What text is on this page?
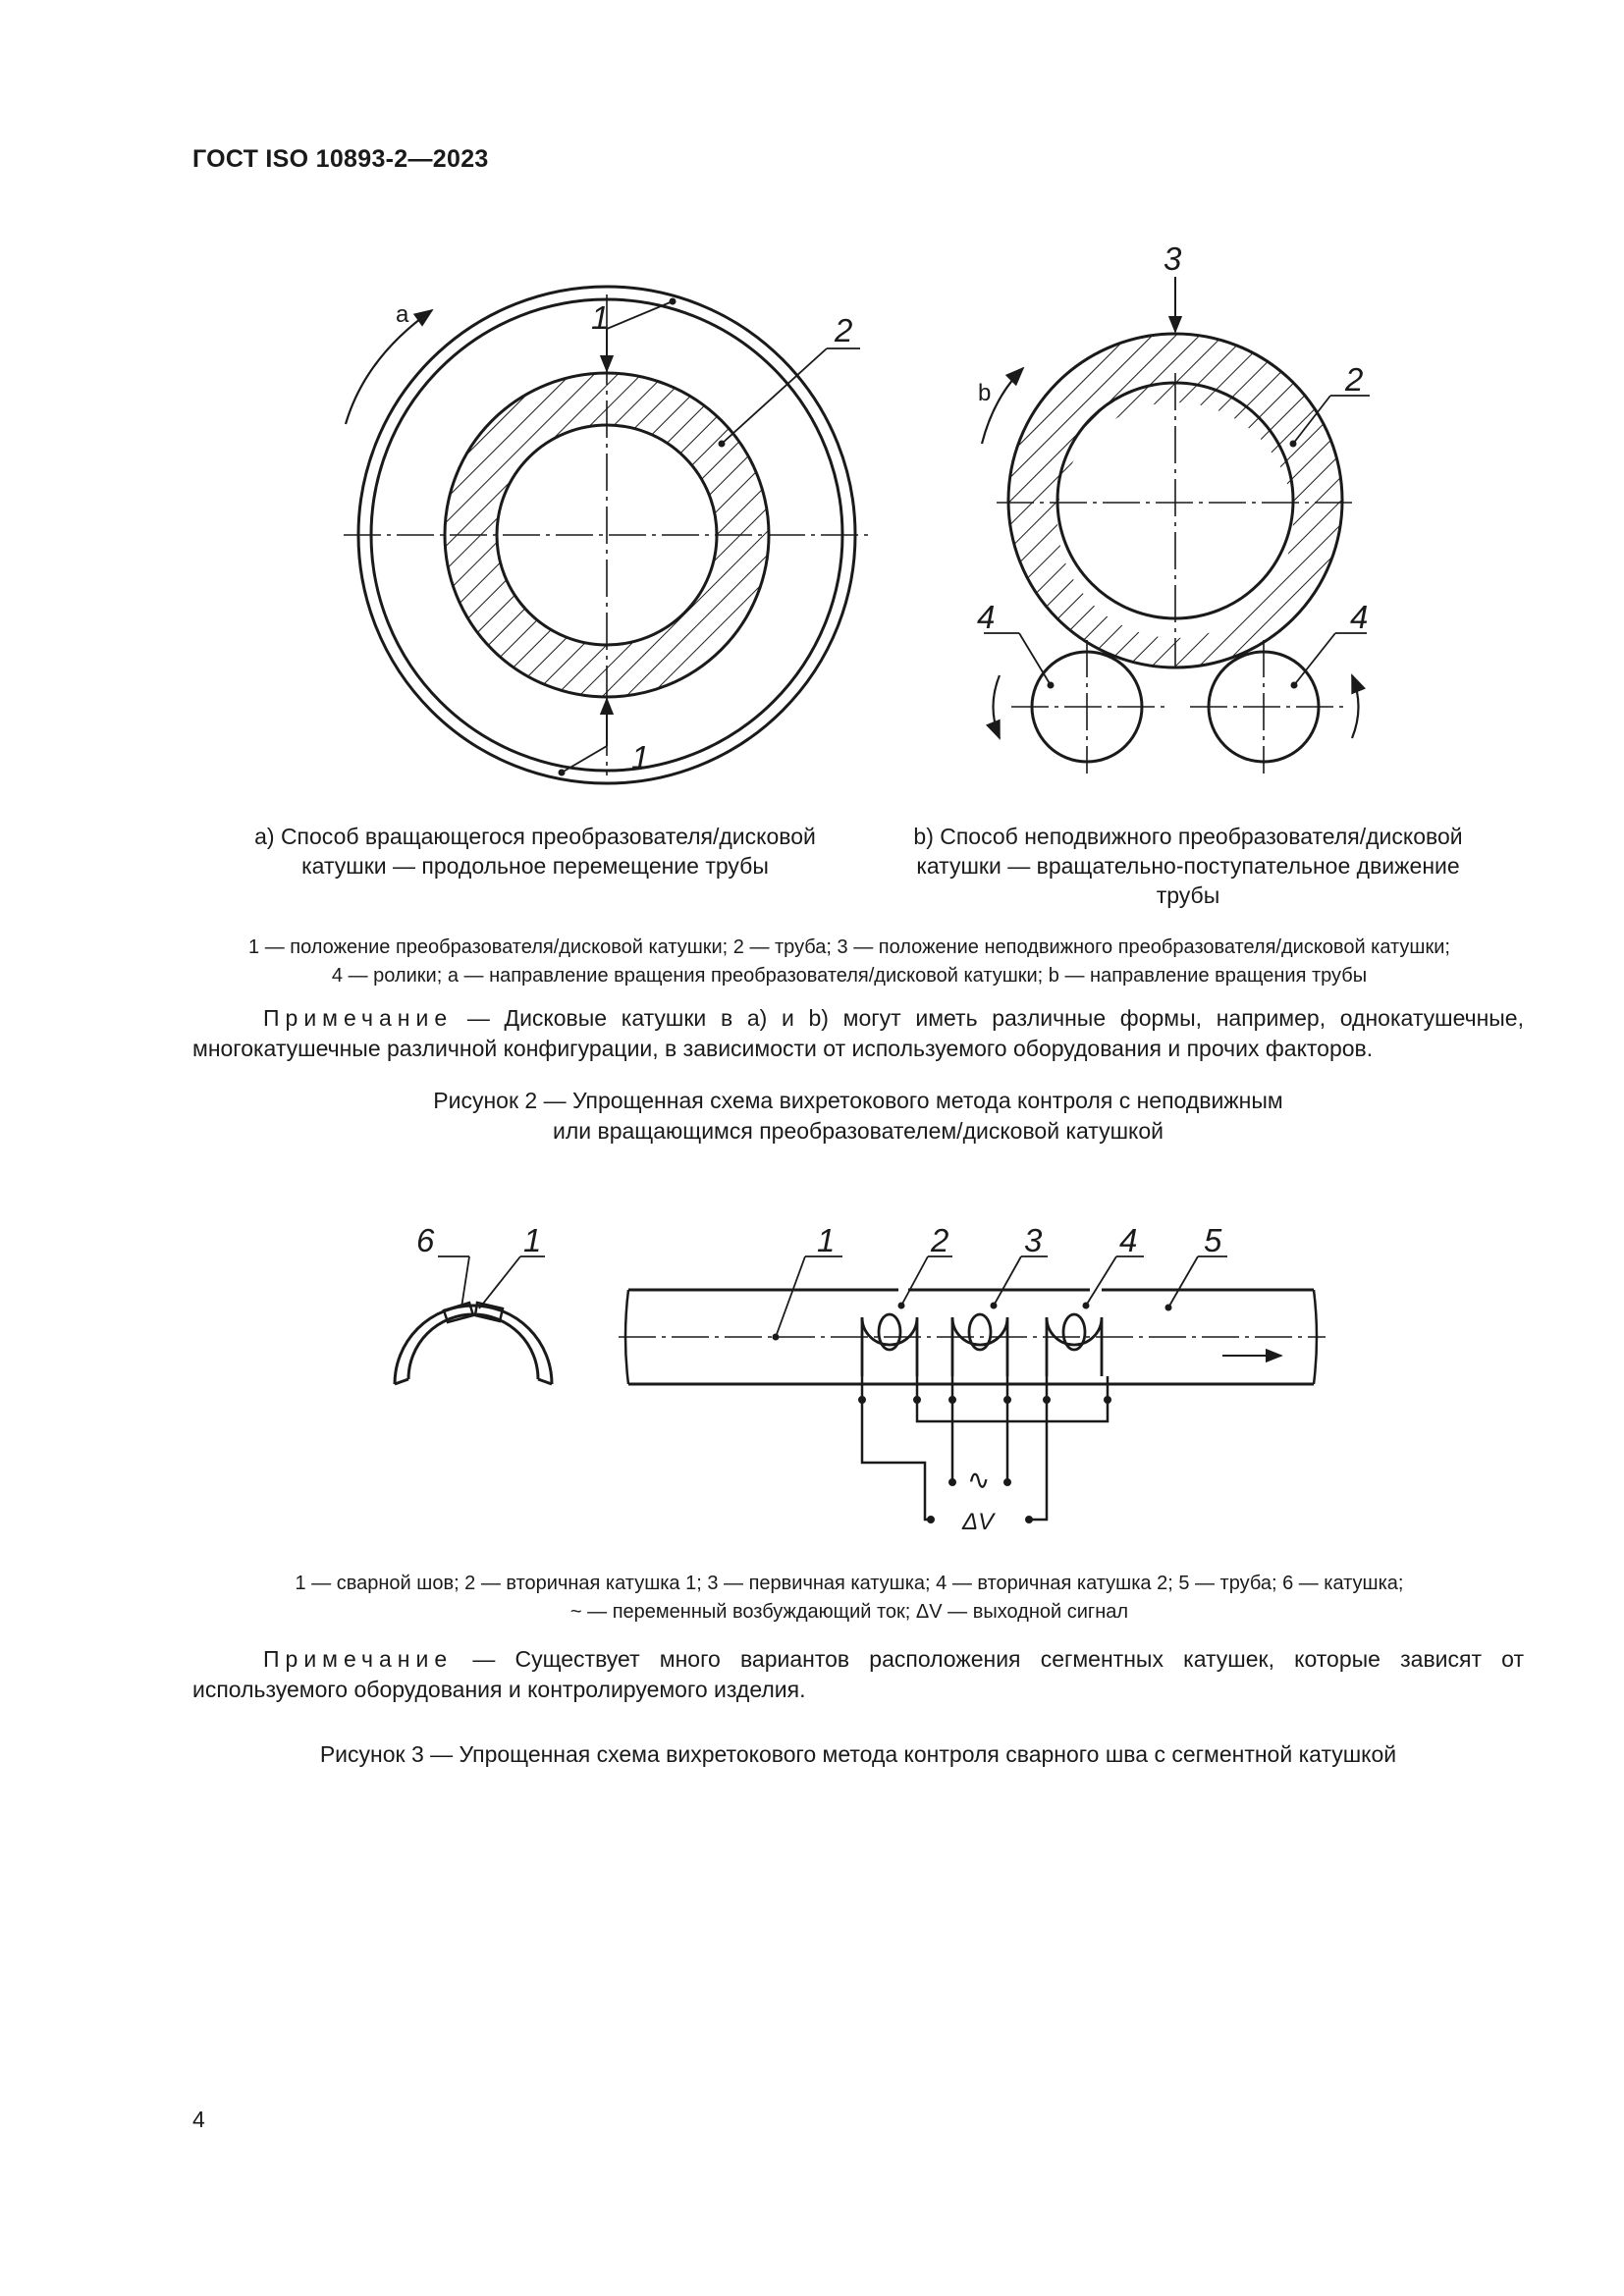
ГОСТ ISO 10893-2—2023
1
1
2
a
3
2
4	4
b
а) Способ вращающегося преобразователя/дисковой
катушки — продольное перемещение трубы
b) Способ неподвижного преобразователя/дисковой
катушки — вращательно-поступательное движение
трубы
1 — положение преобразователя/дисковой катушки; 2 — труба; 3 — положение неподвижного преобразователя/дисковой катушки;
4 — ролики; a — направление вращения преобразователя/дисковой катушки; b — направление вращения трубы
Примечание — Дисковые катушки в а) и b) могут иметь различные формы, например, однокатушечные, многокатушечные различной конфигурации, в зависимости от используемого оборудования и прочих факторов.
Рисунок 2 — Упрощенная схема вихретокового метода контроля с неподвижным
или вращающимся преобразователем/дисковой катушкой
6	1	1	2 3 4 5
∿
ΔV
1 — сварной шов; 2 — вторичная катушка 1; 3 — первичная катушка; 4 — вторичная катушка 2; 5 — труба; 6 — катушка;
~ — переменный возбуждающий ток; ΔV — выходной сигнал
Примечание — Существует много вариантов расположения сегментных катушек, которые зависят от используемого оборудования и контролируемого изделия.
Рисунок 3 — Упрощенная схема вихретокового метода контроля сварного шва с сегментной катушкой
4
